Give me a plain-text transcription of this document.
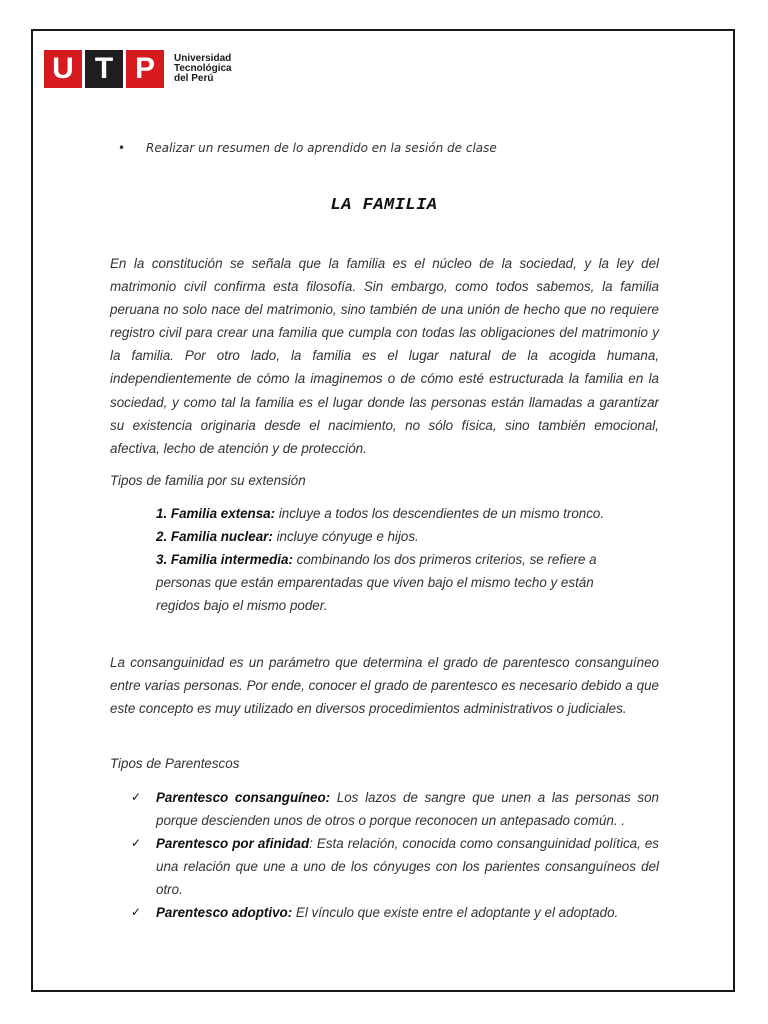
U T P	Universidad
Tecnológica
del Perú
• Realizar un resumen de lo aprendido en la sesión de clase
LA FAMILIA
En la constitución se señala que la familia es el núcleo de la sociedad, y la ley del matrimonio civil confirma esta filosofía. Sin embargo, como todos sabemos, la familia peruana no solo nace del matrimonio, sino también de una unión de hecho que no requiere registro civil para crear una familia que cumpla con todas las obligaciones del matrimonio y la familia. Por otro lado, la familia es el lugar natural de la acogida humana, independientemente de cómo la imaginemos o de cómo esté estructurada la familia en la sociedad, y como tal la familia es el lugar donde las personas están llamadas a garantizar su existencia originaria desde el nacimiento, no sólo física, sino también emocional, afectiva, lecho de atención y de protección.
Tipos de familia por su extensión
1. Familia extensa: incluye a todos los descendientes de un mismo tronco.
2. Familia nuclear: incluye cónyuge e hijos.
3. Familia intermedia: combinando los dos primeros criterios, se refiere a personas que están emparentadas que viven bajo el mismo techo y están regidos bajo el mismo poder.
La consanguinidad es un parámetro que determina el grado de parentesco consanguíneo entre varias personas. Por ende, conocer el grado de parentesco es necesario debido a que este concepto es muy utilizado en diversos procedimientos administrativos o judiciales.
Tipos de Parentescos
✓ Parentesco consanguíneo: Los lazos de sangre que unen a las personas son porque descienden unos de otros o porque reconocen un antepasado común. .
✓ Parentesco por afinidad: Esta relación, conocida como consanguinidad política, es una relación que une a uno de los cónyuges con los parientes consanguíneos del otro.
✓ Parentesco adoptivo: El vínculo que existe entre el adoptante y el adoptado.
